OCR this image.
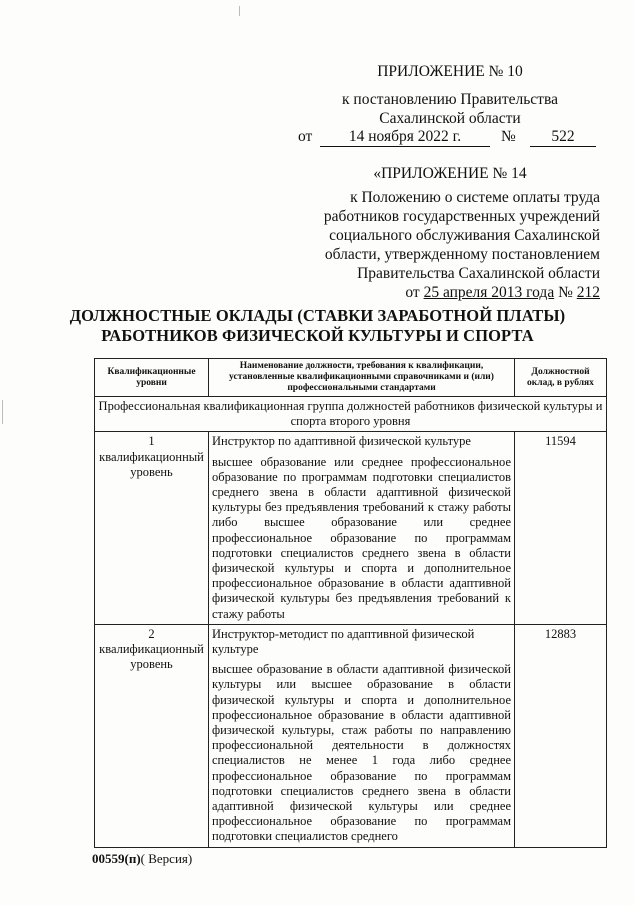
ПРИЛОЖЕНИЕ № 10
к постановлению Правительства
Сахалинской области
от	14 ноября 2022 г.	№	522
«ПРИЛОЖЕНИЕ № 14
к Положению о системе оплаты труда
работников государственных учреждений
социального обслуживания Сахалинской
области, утвержденному постановлением
Правительства Сахалинской области
от 25 апреля 2013 года № 212
ДОЛЖНОСТНЫЕ ОКЛАДЫ (СТАВКИ ЗАРАБОТНОЙ ПЛАТЫ)
РАБОТНИКОВ ФИЗИЧЕСКОЙ КУЛЬТУРЫ И СПОРТА
Квалификационные уровни	Наименование должности, требования к квалификации, установленные квалификационными справочниками и (или) профессиональными стандартами	Должностной оклад, в рублях
Профессиональная квалификационная группа должностей работников физической культуры и спорта второго уровня		
1 квалификационный уровень	Инструктор по адаптивной физической культуре
высшее образование или среднее профессиональное образование по программам подготовки специалистов среднего звена в области адаптивной физической культуры без предъявления требований к стажу работы либо высшее образование или среднее профессиональное образование по программам подготовки специалистов среднего звена в области физической культуры и спорта и дополнительное профессиональное образование в области адаптивной физической культуры без предъявления требований к стажу работы	11594
2 квалификационный уровень	Инструктор-методист по адаптивной физической культуре
высшее образование в области адаптивной физической культуры или высшее образование в области физической культуры и спорта и дополнительное профессиональное образование в области адаптивной физической культуры, стаж работы по направлению профессиональной деятельности в должностях специалистов не менее 1 года либо среднее профессиональное образование по программам подготовки специалистов среднего звена в области адаптивной физической культуры или среднее профессиональное образование по программам подготовки специалистов среднего	12883
00559(п)( Версия)
